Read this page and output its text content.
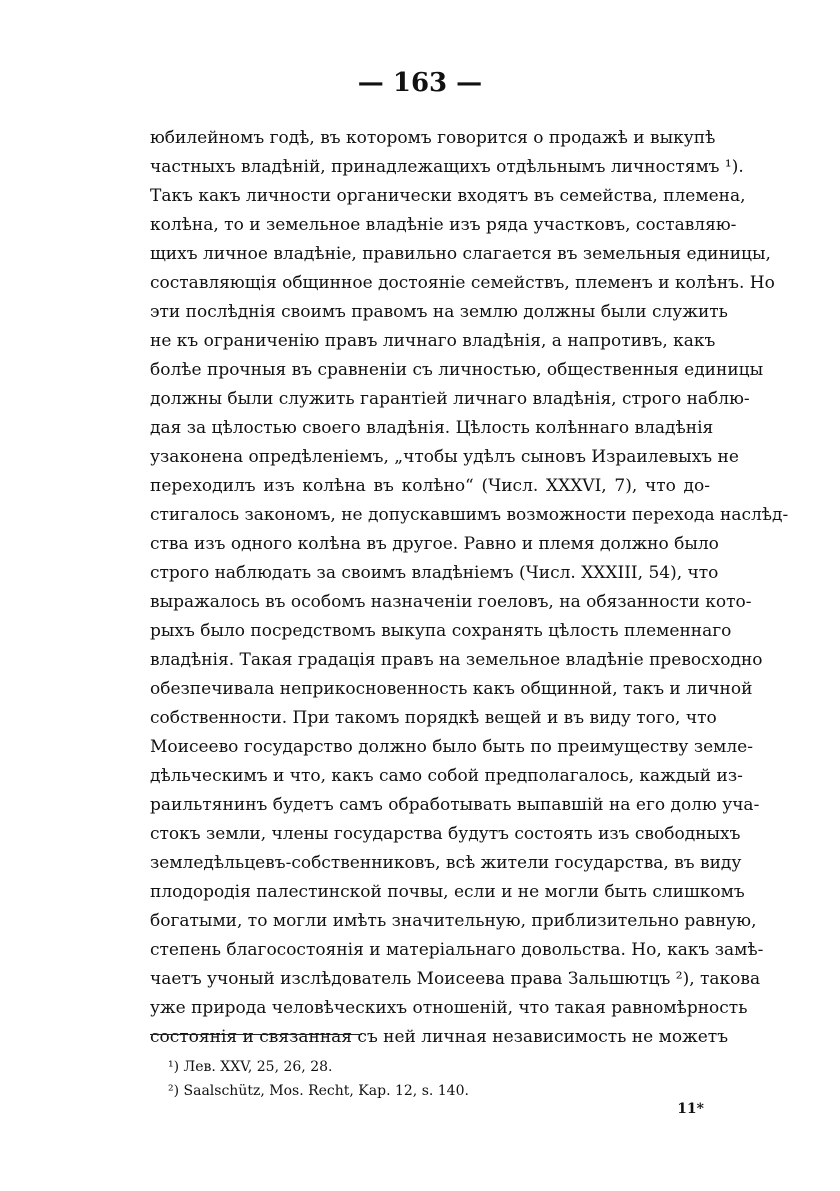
— 163 —
юбилейномъ годѣ, въ которомъ говорится о продажѣ и выкупѣ
частныхъ владѣній, принадлежащихъ отдѣльнымъ личностямъ ¹).
Такъ какъ личности органически входятъ въ семейства, племена,
колѣна, то и земельное владѣніе изъ ряда участковъ, составляю-
щихъ личное владѣніе, правильно слагается въ земельныя единицы,
составляющія общинное достояніе семействъ, племенъ и колѣнъ. Но
эти послѣднія своимъ правомъ на землю должны были служить
не къ ограниченію правъ личнаго владѣнія, а напротивъ, какъ
болѣе прочныя въ сравненіи съ личностью, общественныя единицы
должны были служить гарантіей личнаго владѣнія, строго наблю-
дая за цѣлостью своего владѣнія. Цѣлость колѣннаго владѣнія
узаконена опредѣленіемъ, „чтобы удѣлъ сыновъ Израилевыхъ не
переходилъ изъ колѣна въ колѣно“ (Числ. XXXVI, 7), что до-
стигалось закономъ, не допускавшимъ возможности перехода наслѣд-
ства изъ одного колѣна въ другое. Равно и племя должно было
строго наблюдать за своимъ владѣніемъ (Числ. XXXIII, 54), что
выражалось въ особомъ назначеніи гоеловъ, на обязанности кото-
рыхъ было посредствомъ выкупа сохранять цѣлость племеннаго
владѣнія. Такая градація правъ на земельное владѣніе превосходно
обезпечивала неприкосновенность какъ общинной, такъ и личной
собственности. При такомъ порядкѣ вещей и въ виду того, что
Моисеево государство должно было быть по преимуществу земле-
дѣльческимъ и что, какъ само собой предполагалось, каждый из-
раильтянинъ будетъ самъ обработывать выпавшій на его долю уча-
стокъ земли, члены государства будутъ состоять изъ свободныхъ
земледѣльцевъ-собственниковъ, всѣ жители государства, въ виду
плодородія палестинской почвы, если и не могли быть слишкомъ
богатыми, то могли имѣть значительную, приблизительно равную,
степень благосостоянія и матеріальнаго довольства. Но, какъ замѣ-
чаетъ учоный изслѣдователь Моисеева права Зальшютцъ ²), такова
уже природа человѣческихъ отношеній, что такая равномѣрность
состоянія и связанная съ ней личная независимость не можетъ
¹) Лев. XXV, 25, 26, 28.
²) Saalschütz, Mos. Recht, Kap. 12, s. 140.
11*
